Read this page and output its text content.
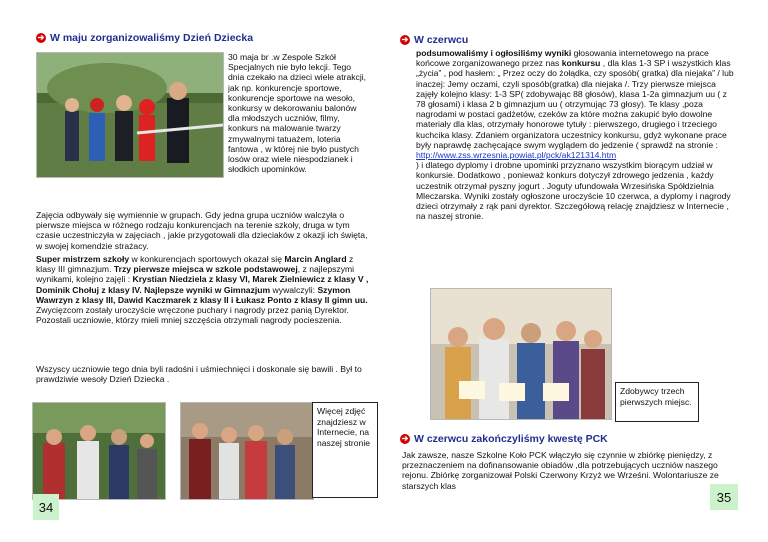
➔ W maju zorganizowaliśmy Dzień Dziecka
30 maja br .w Zespole Szkół Specjalnych nie było lekcji. Tego dnia czekało na dzieci wiele atrakcji, jak np. konkurencje sportowe, konkurencje sportowe na wesoło, konkursy w dekorowaniu balonów dla młodszych uczniów, filmy, konkurs na malowanie twarzy zmywalnymi tatuażem, loteria fantowa , w której nie było pustych losów oraz wiele niespodzianek i słodkich upominków.
Zajęcia odbywały się wymiennie w grupach. Gdy jedna grupa uczniów walczyła o pierwsze miejsca w różnego rodzaju konkurencjach na terenie szkoły, druga w tym czasie uczestniczyła w zajęciach , jakie przygotowali dla dzieciaków z okazji ich święta, w swojej komendzie strażacy.
Super mistrzem szkoły w konkurencjach sportowych okazał się Marcin Anglard z klasy III gimnazjum. Trzy pierwsze miejsca w szkole podstawowej, z najlepszymi wynikami, kolejno zajęli : Krystian Niedziela z klasy VI, Marek Zielniewicz z klasy V , Dominik Chołuj z klasy IV. Najlepsze wyniki w Gimnazjum wywalczyli: Szymon Wawrzyn z klasy III, Dawid Kaczmarek z klasy II i Łukasz Ponto z klasy II gimn uu. Zwycięzcom zostały uroczyście wręczone puchary i nagrody przez panią Dyrektor. Pozostali uczniowie, którzy mieli mniej szczęścia otrzymali nagrody pocieszenia.
Wszyscy uczniowie tego dnia byli radośni i uśmiechnięci i doskonale się bawili . Był to prawdziwie wesoły Dzień Dziecka .
34
Więcej zdjęć znajdziesz w Internecie, na naszej stronie
➔ W czerwcu
podsumowaliśmy i ogłosiliśmy wyniki głosowania internetowego na prace końcowe zorganizowanego przez nas konkursu , dla klas 1-3 SP i wszystkich klas „życia” , pod hasłem: „ Przez oczy do żołądka, czy sposób( gratka) dla niejaka” / lub inaczej: Jemy oczami, czyli sposób(gratka) dla niejaka /. Trzy pierwsze miejsca zajęły kolejno klasy: 1-3 SP( zdobywając 88 głosów), klasa 1-2a gimnazjum uu ( z 78 głosami) i klasa 2 b gimnazjum uu ( otrzymując 73 głosy). Te klasy ,poza nagrodami w postaci gadżetów, czeków za które można zakupić było dowolne materiały dla klas, otrzymały honorowe tytuły : pierwszego, drugiego i trzeciego kuchcika klasy. Zdaniem organizatora uczestnicy konkursu, gdyż wykonane prace były naprawdę zachęcające swym wyglądem do jedzenie ( sprawdź na stronie :
http://www.zss.wrzesnia.powiat.pl/pck/ak121314.htm
) i dlatego dyplomy i drobne upominki przyznano wszystkim biorącym udział w konkursie. Dodatkowo , ponieważ konkurs dotyczył zdrowego jedzenia , każdy uczestnik otrzymał pyszny jogurt . Joguty ufundowała Wrzesińska Spółdzielnia Mleczarska. Wyniki zostały ogłoszone uroczyście 10 czerwca, a dyplomy i nagrody dzieci otrzymały z rąk pani dyrektor. Szczegółową relację znajdziesz w Internecie , na naszej stronie.
Zdobywcy trzech pierwszych miejsc.
➔ W czerwcu zakończyliśmy kwestę PCK
Jak zawsze, nasze Szkolne Koło PCK włączyło się czynnie w zbiórkę pieniędzy, z przeznaczeniem na dofinansowanie obiadów ,dla potrzebujących uczniów naszego rejonu. Zbiórkę zorganizował Polski Czerwony Krzyż we Wrześni. Wolontariusze ze starszych klas
35
